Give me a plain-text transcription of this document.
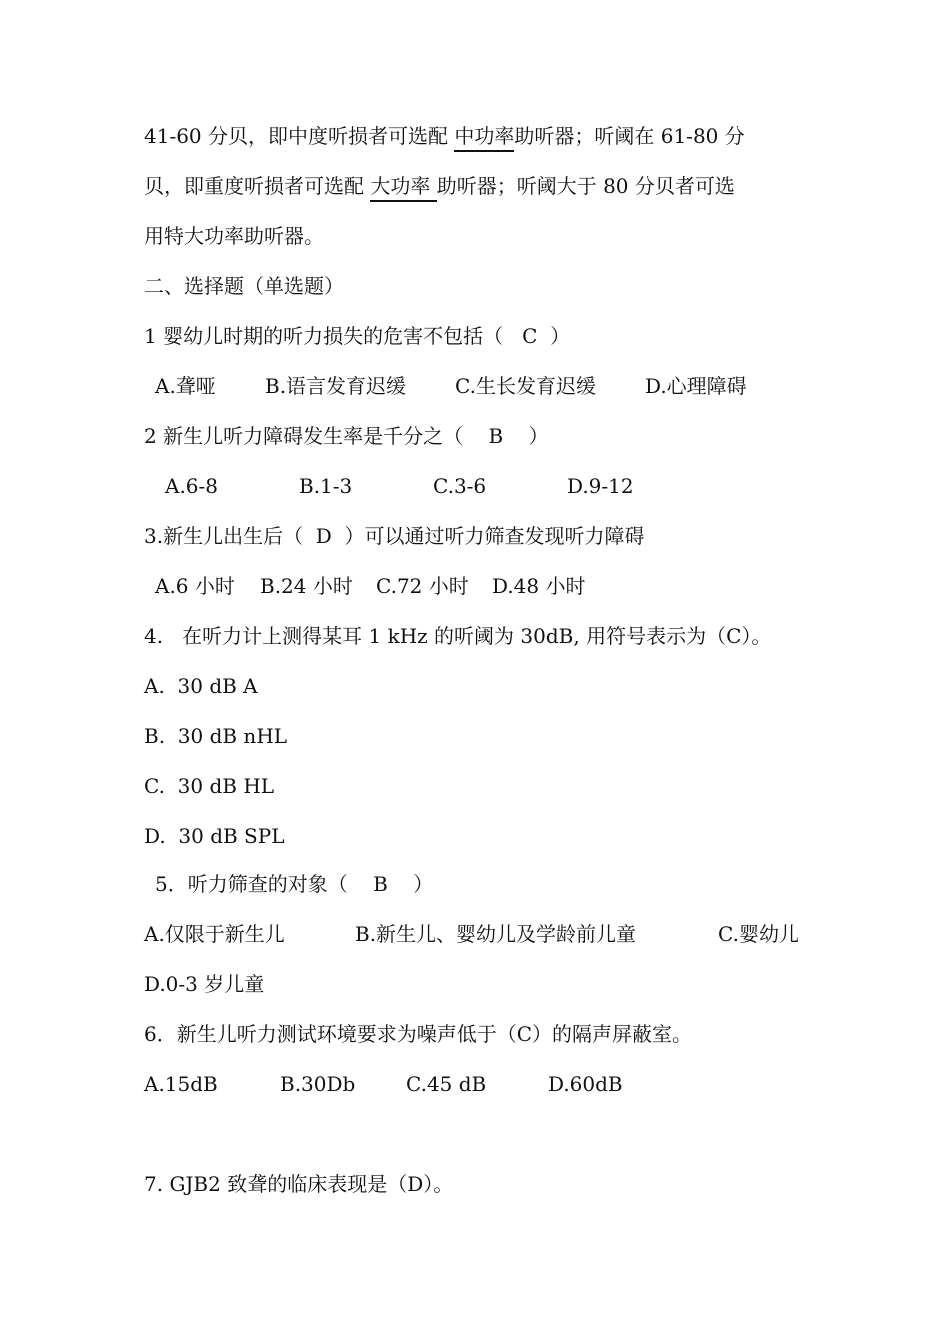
41-60 分贝，即中度听损者可选配 中功率助听器；听阈在 61-80 分
贝，即重度听损者可选配 大功率 助听器；听阈大于 80 分贝者可选
用特大功率助听器。
二、选择题（单选题）
1 婴幼儿时期的听力损失的危害不包括（   C  ）
A.聋哑 B.语言发育迟缓 C.生长发育迟缓 D.心理障碍
2 新生儿听力障碍发生率是千分之（    B    ）
A.6-8	B.1-3	C.3-6	D.9-12
3.新生儿出生后（  D  ）可以通过听力筛查发现听力障碍
A.6 小时 B.24 小时 C.72 小时 D.48 小时
4.   在听力计上测得某耳 1 kHz 的听阈为 30dB, 用符号表示为（C）。
A.  30 dB A
B.  30 dB nHL
C.  30 dB HL
D.  30 dB SPL
5．听力筛查的对象（    B    ）
A.仅限于新生儿	B.新生儿、婴幼儿及学龄前儿童	C.婴幼儿
D.0-3 岁儿童
6．新生儿听力测试环境要求为噪声低于（C）的隔声屏蔽室。
A.15dB	B.30Db	C.45 dB	D.60dB
7. GJB2 致聋的临床表现是（D）。
